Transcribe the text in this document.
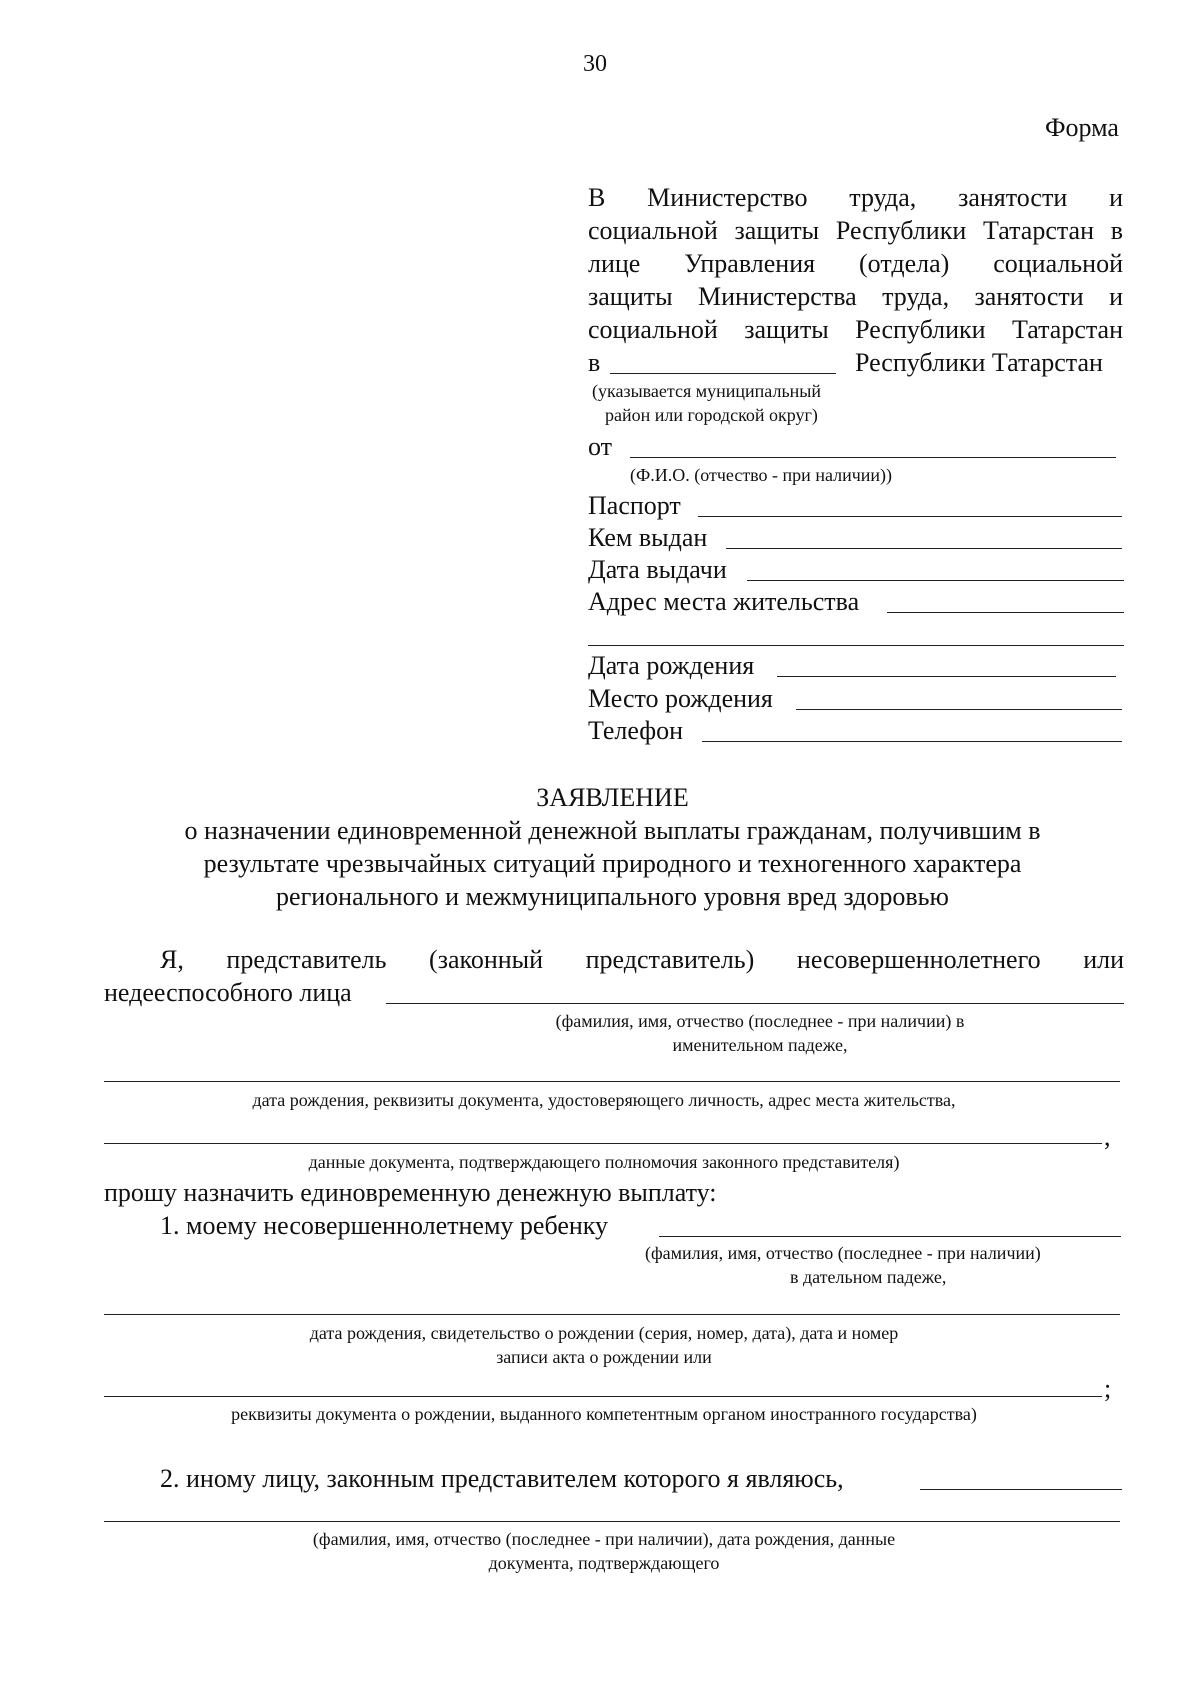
30
Форма
В Министерство труда, занятости и
социальной защиты Республики Татарстан в
лице Управления (отдела) социальной
защиты Министерства труда, занятости и
социальной защиты Республики Татарстан
в	Республики Татарстан
(указывается муниципальный
район или городской округ)
от
(Ф.И.О. (отчество - при наличии))
Паспорт
Кем выдан
Дата выдачи
Адрес места жительства
Дата рождения
Место рождения
Телефон
ЗАЯВЛЕНИЕ
о назначении единовременной денежной выплаты гражданам, получившим в
результате чрезвычайных ситуаций природного и техногенного характера
регионального и межмуниципального уровня вред здоровью
Я, представитель (законный представитель) несовершеннолетнего или
недееспособного лица
(фамилия, имя, отчество (последнее - при наличии) в
именительном падеже,
дата рождения, реквизиты документа, удостоверяющего личность, адрес места жительства,
,
данные документа, подтверждающего полномочия законного представителя)
прошу назначить единовременную денежную выплату:
1. моему несовершеннолетнему ребенку
(фамилия, имя, отчество (последнее - при наличии)
в дательном падеже,
дата рождения, свидетельство о рождении (серия, номер, дата), дата и номер
записи акта о рождении или
;
реквизиты документа о рождении, выданного компетентным органом иностранного государства)
2. иному лицу, законным представителем которого я являюсь,
(фамилия, имя, отчество (последнее - при наличии), дата рождения, данные
документа, подтверждающего
